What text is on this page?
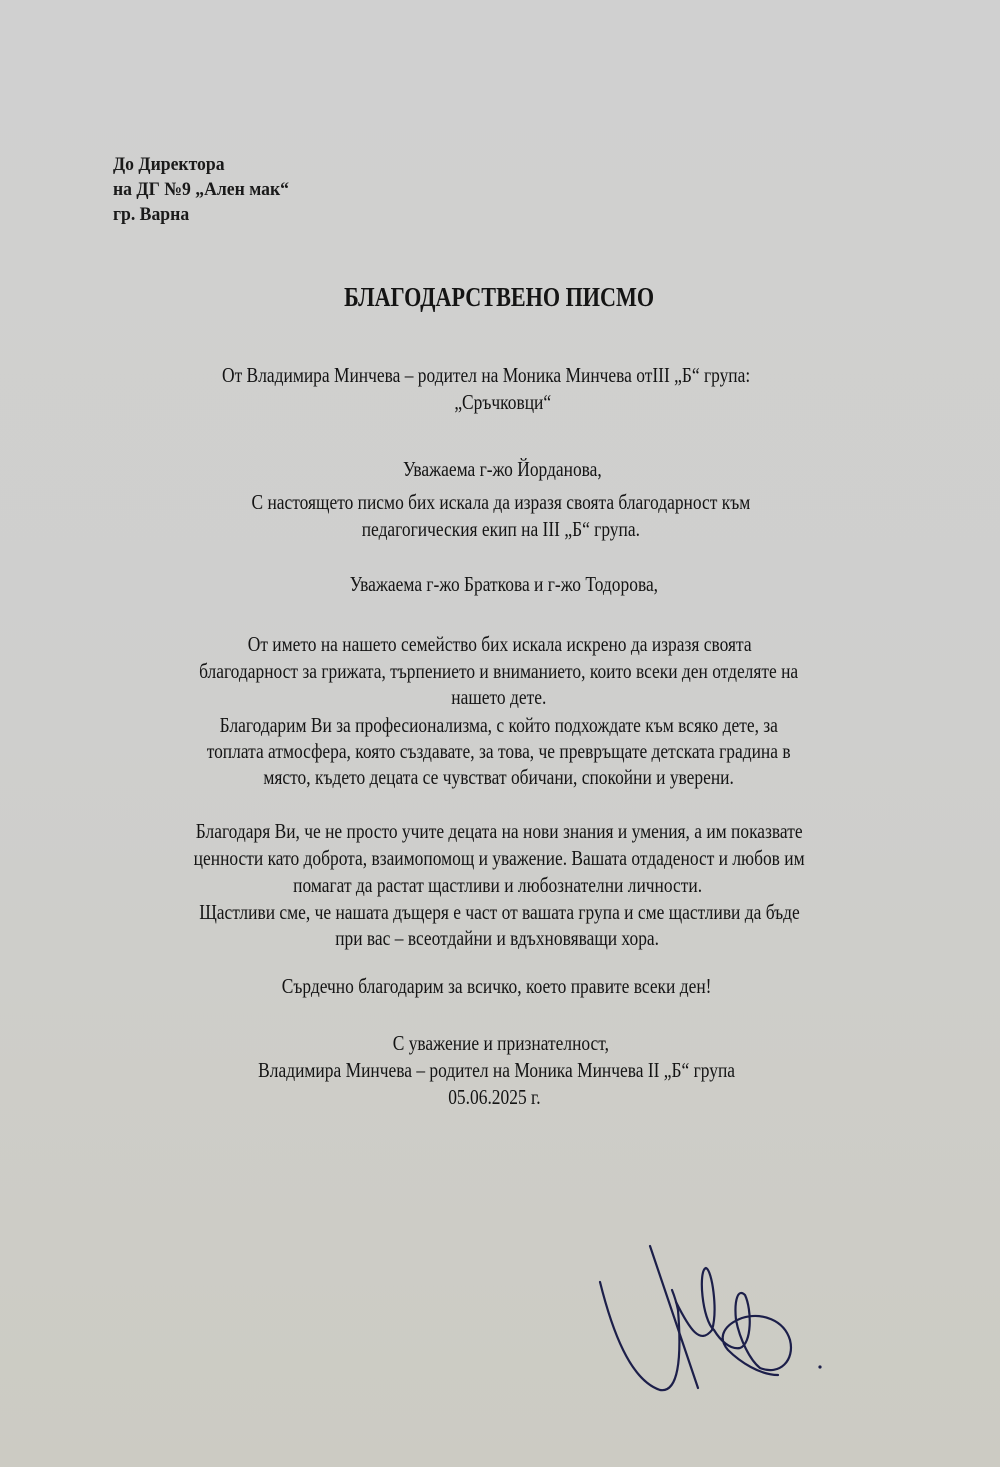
До Директора
на ДГ №9 „Ален мак“
гр. Варна
БЛАГОДАРСТВЕНО ПИСМО
От Владимира Минчева – родител на Моника Минчева отIII „Б“ група:
„Сръчковци“
Уважаема г-жо Йорданова,
С настоящето писмо бих искала да изразя своята благодарност към
педагогическия екип на III „Б“ група.
Уважаема г-жо Браткова и г-жо Тодорова,
От името на нашето семейство бих искала искрено да изразя своята
благодарност за грижата, търпението и вниманието, които всеки ден отделяте на
нашето дете.
Благодарим Ви за професионализма, с който подхождате към всяко дете, за
топлата атмосфера, която създавате, за това, че превръщате детската градина в
място, където децата се чувстват обичани, спокойни и уверени.
Благодаря Ви, че не просто учите децата на нови знания и умения, а им показвате
ценности като доброта, взаимопомощ и уважение. Вашата отдаденост и любов им
помагат да растат щастливи и любознателни личности.
Щастливи сме, че нашата дъщеря е част от вашата група и сме щастливи да бъде
при вас – всеотдайни и вдъхновяващи хора.
Сърдечно благодарим за всичко, което правите всеки ден!
С уважение и признателност,
Владимира Минчева – родител на Моника Минчева II „Б“ група
05.06.2025 г.
